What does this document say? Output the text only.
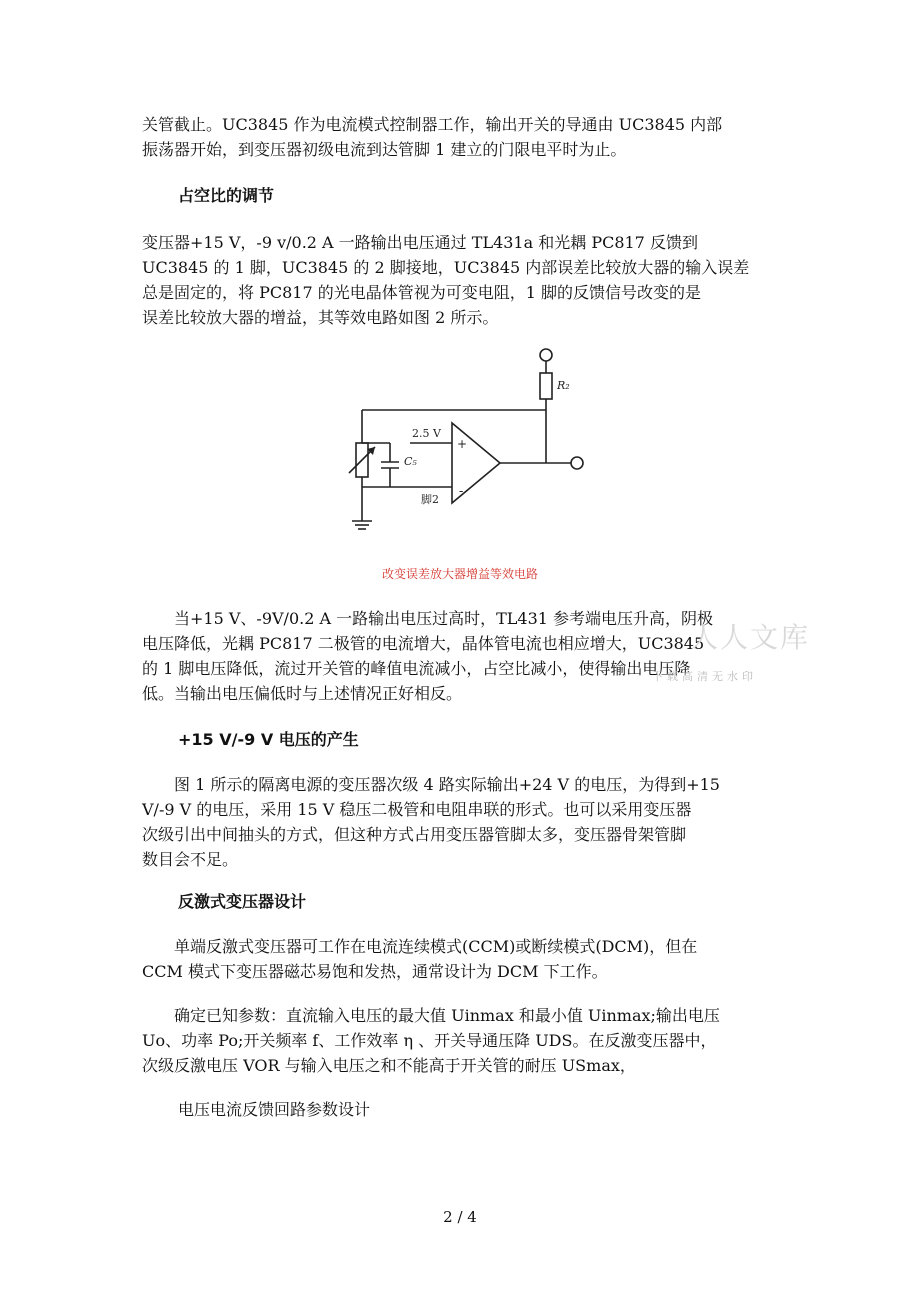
关管截止。UC3845 作为电流模式控制器工作，输出开关的导通由 UC3845 内部
振荡器开始，到变压器初级电流到达管脚 1 建立的门限电平时为止。
占空比的调节
变压器+15 V，-9 v/0.2 A 一路输出电压通过 TL431a 和光耦 PC817 反馈到
UC3845 的 1 脚，UC3845 的 2 脚接地，UC3845 内部误差比较放大器的输入误差
总是固定的，将 PC817 的光电晶体管视为可变电阻，1 脚的反馈信号改变的是
误差比较放大器的增益，其等效电路如图 2 所示。
R₂
C₅
2.5 V
+
-
脚2
改变误差放大器增益等效电路
　　当+15 V、-9V/0.2 A 一路输出电压过高时，TL431 参考端电压升高，阴极
电压降低，光耦 PC817 二极管的电流增大，晶体管电流也相应增大，UC3845
的 1 脚电压降低，流过开关管的峰值电流减小，占空比减小，使得输出电压降
低。当输出电压偏低时与上述情况正好相反。
人人文库
下载高清无水印
+15 V/-9 V 电压的产生
　　图 1 所示的隔离电源的变压器次级 4 路实际输出+24 V 的电压，为得到+15
V/-9 V 的电压，采用 15 V 稳压二极管和电阻串联的形式。也可以采用变压器
次级引出中间抽头的方式，但这种方式占用变压器管脚太多，变压器骨架管脚
数目会不足。
反激式变压器设计
　　单端反激式变压器可工作在电流连续模式(CCM)或断续模式(DCM)，但在
CCM 模式下变压器磁芯易饱和发热，通常设计为 DCM 下工作。
　　确定已知参数：直流输入电压的最大值 Uinmax 和最小值 Uinmax;输出电压
Uo、功率 Po;开关频率 f、工作效率 η 、开关导通压降 UDS。在反激变压器中，
次级反激电压 VOR 与输入电压之和不能高于开关管的耐压 USmax，
电压电流反馈回路参数设计
2 / 4
